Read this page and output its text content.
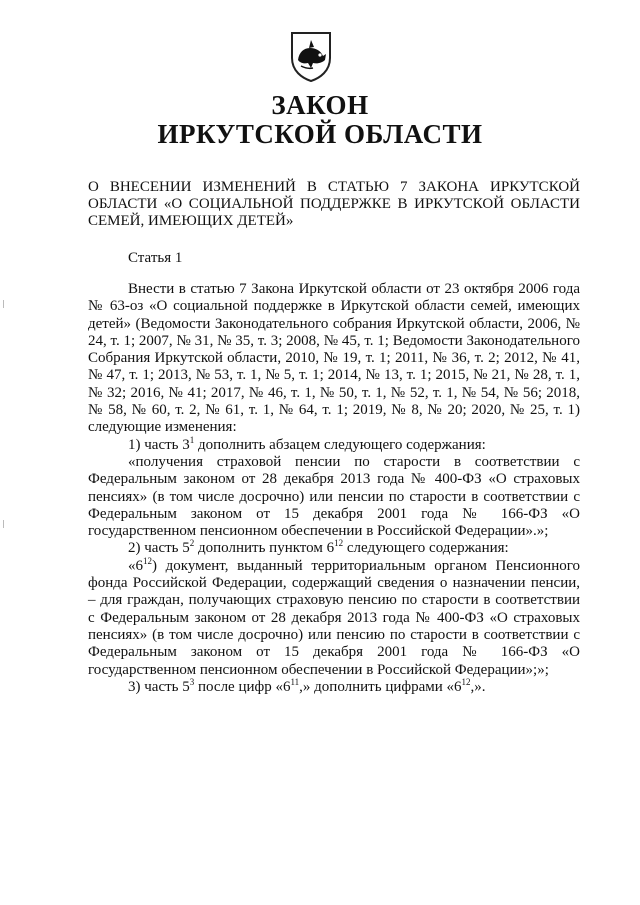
ЗАКОН
ИРКУТСКОЙ ОБЛАСТИ
О ВНЕСЕНИИ ИЗМЕНЕНИЙ В СТАТЬЮ 7 ЗАКОНА ИРКУТСКОЙ ОБЛАСТИ «О СОЦИАЛЬНОЙ ПОДДЕРЖКЕ В ИРКУТСКОЙ ОБЛАСТИ СЕМЕЙ, ИМЕЮЩИХ ДЕТЕЙ»
Статья 1

Внести в статью 7 Закона Иркутской области от 23 октября 2006 года № 63-оз «О социальной поддержке в Иркутской области семей, имеющих детей» (Ведомости Законодательного собрания Иркутской области, 2006, № 24, т. 1; 2007, № 31, № 35, т. 3; 2008, № 45, т. 1; Ведомости Законодательного Собрания Иркутской области, 2010, № 19, т. 1; 2011, № 36, т. 2; 2012, № 41, № 47, т. 1; 2013, № 53, т. 1, № 5, т. 1; 2014, № 13, т. 1; 2015, № 21, № 28, т. 1, № 32; 2016, № 41; 2017, № 46, т. 1, № 50, т. 1, № 52, т. 1, № 54, № 56; 2018, № 58, № 60, т. 2, № 61, т. 1, № 64, т. 1; 2019, № 8, № 20; 2020, № 25, т. 1) следующие изменения:

1) часть $3^1$ дополнить абзацем следующего содержания:

«получения страховой пенсии по старости в соответствии с Федеральным законом от 28 декабря 2013 года № 400-ФЗ «О страховых пенсиях» (в том числе досрочно) или пенсии по старости в соответствии с Федеральным законом от 15 декабря 2001 года № 166-ФЗ «О государственном пенсионном обеспечении в Российской Федерации».»;

2) часть $5^2$ дополнить пунктом $6^{12}$ следующего содержания:

«$6^{12}$) документ, выданный территориальным органом Пенсионного фонда Российской Федерации, содержащий сведения о назначении пенсии, – для граждан, получающих страховую пенсию по старости в соответствии с Федеральным законом от 28 декабря 2013 года № 400-ФЗ «О страховых пенсиях» (в том числе досрочно) или пенсию по старости в соответствии с Федеральным законом от 15 декабря 2001 года № 166-ФЗ «О государственном пенсионном обеспечении в Российской Федерации»;»;

3) часть $5^3$ после цифр «$6^{11}$,» дополнить цифрами «$6^{12}$,».
